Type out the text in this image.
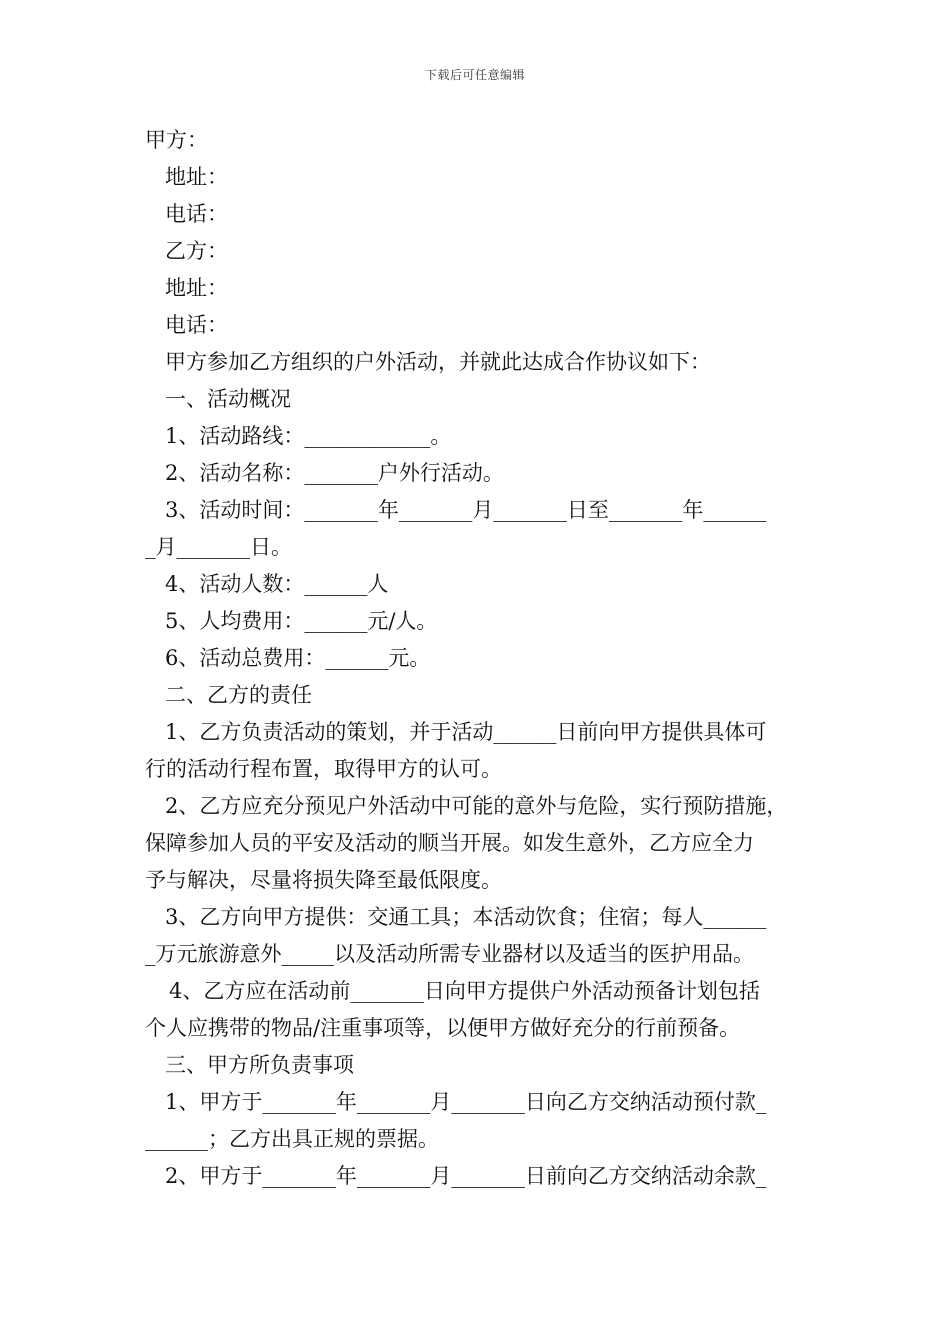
下载后可任意编辑
甲方：
地址：
电话：
乙方：
地址：
电话：
甲方参加乙方组织的户外活动，并就此达成合作协议如下：
一、活动概况
1、活动路线：____________。
2、活动名称：_______户外行活动。
3、活动时间：_______年_______月_______日至_______年______
_月_______日。
4、活动人数：______人
5、人均费用：______元/人。
6、活动总费用：______元。
二、乙方的责任
1、乙方负责活动的策划，并于活动______日前向甲方提供具体可
行的活动行程布置，取得甲方的认可。
2、乙方应充分预见户外活动中可能的意外与危险，实行预防措施，
保障参加人员的平安及活动的顺当开展。如发生意外，乙方应全力
予与解决，尽量将损失降至最低限度。
3、乙方向甲方提供：交通工具；本活动饮食；住宿；每人______
_万元旅游意外_____以及活动所需专业器材以及适当的医护用品。
4、乙方应在活动前_______日向甲方提供户外活动预备计划包括
个人应携带的物品/注重事项等，以便甲方做好充分的行前预备。
三、甲方所负责事项
1、甲方于_______年_______月_______日向乙方交纳活动预付款_
______；乙方出具正规的票据。
2、甲方于_______年_______月_______日前向乙方交纳活动余款_
